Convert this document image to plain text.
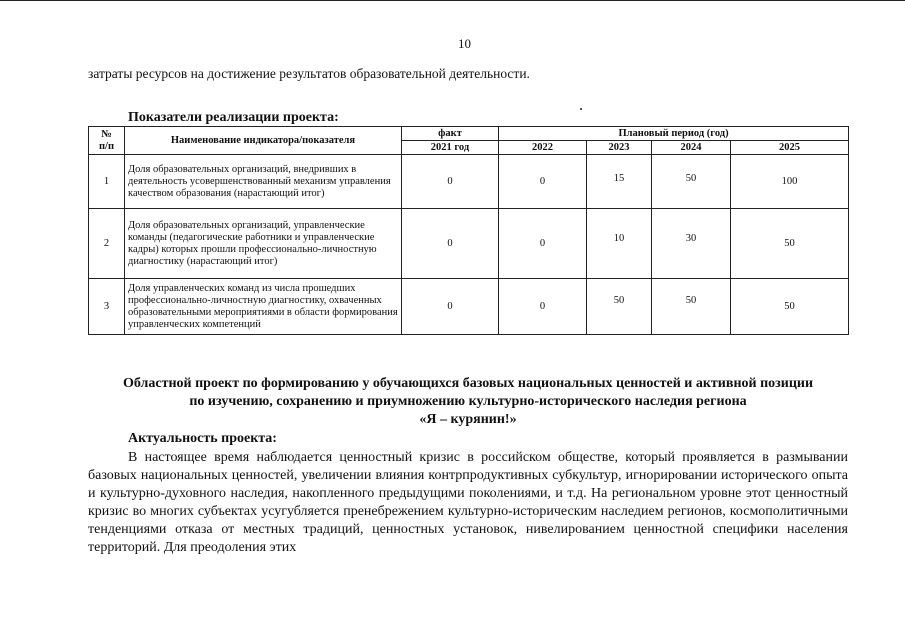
10
затраты ресурсов на достижение результатов образовательной деятельности.
Показатели реализации проекта:
№
п/п	Наименование индикатора/показателя	факт	Плановый период (год)			
		2021 год	2022	2023	2024	2025
1	Доля образовательных организаций, внедривших в деятельность усовершенствованный механизм управления качеством образования (нарастающий итог)	0	0	15	50	100
2	Доля образовательных организаций, управленческие команды (педагогические работники и управленческие кадры) которых прошли профессионально-личностную диагностику (нарастающий итог)	0	0	10	30	50
3	Доля управленческих команд из числа прошедших профессионально-личностную диагностику, охваченных образовательными мероприятиями в области формирования управленческих компетенций	0	0	50	50	50
Областной проект по формированию у обучающихся базовых национальных ценностей и активной позиции
по изучению, сохранению и приумножению культурно-исторического наследия региона
«Я – курянин!»
Актуальность проекта:
В настоящее время наблюдается ценностный кризис в российском обществе, который проявляется в размывании базовых национальных ценностей, увеличении влияния контрпродуктивных субкультур, игнорировании исторического опыта и культурно-духовного наследия, накопленного предыдущими поколениями, и т.д. На региональном уровне этот ценностный кризис во многих субъектах усугубляется пренебрежением культурно-историческим наследием регионов, космополитичными тенденциями отказа от местных традиций, ценностных установок, нивелированием ценностной специфики населения территорий. Для преодоления этих
